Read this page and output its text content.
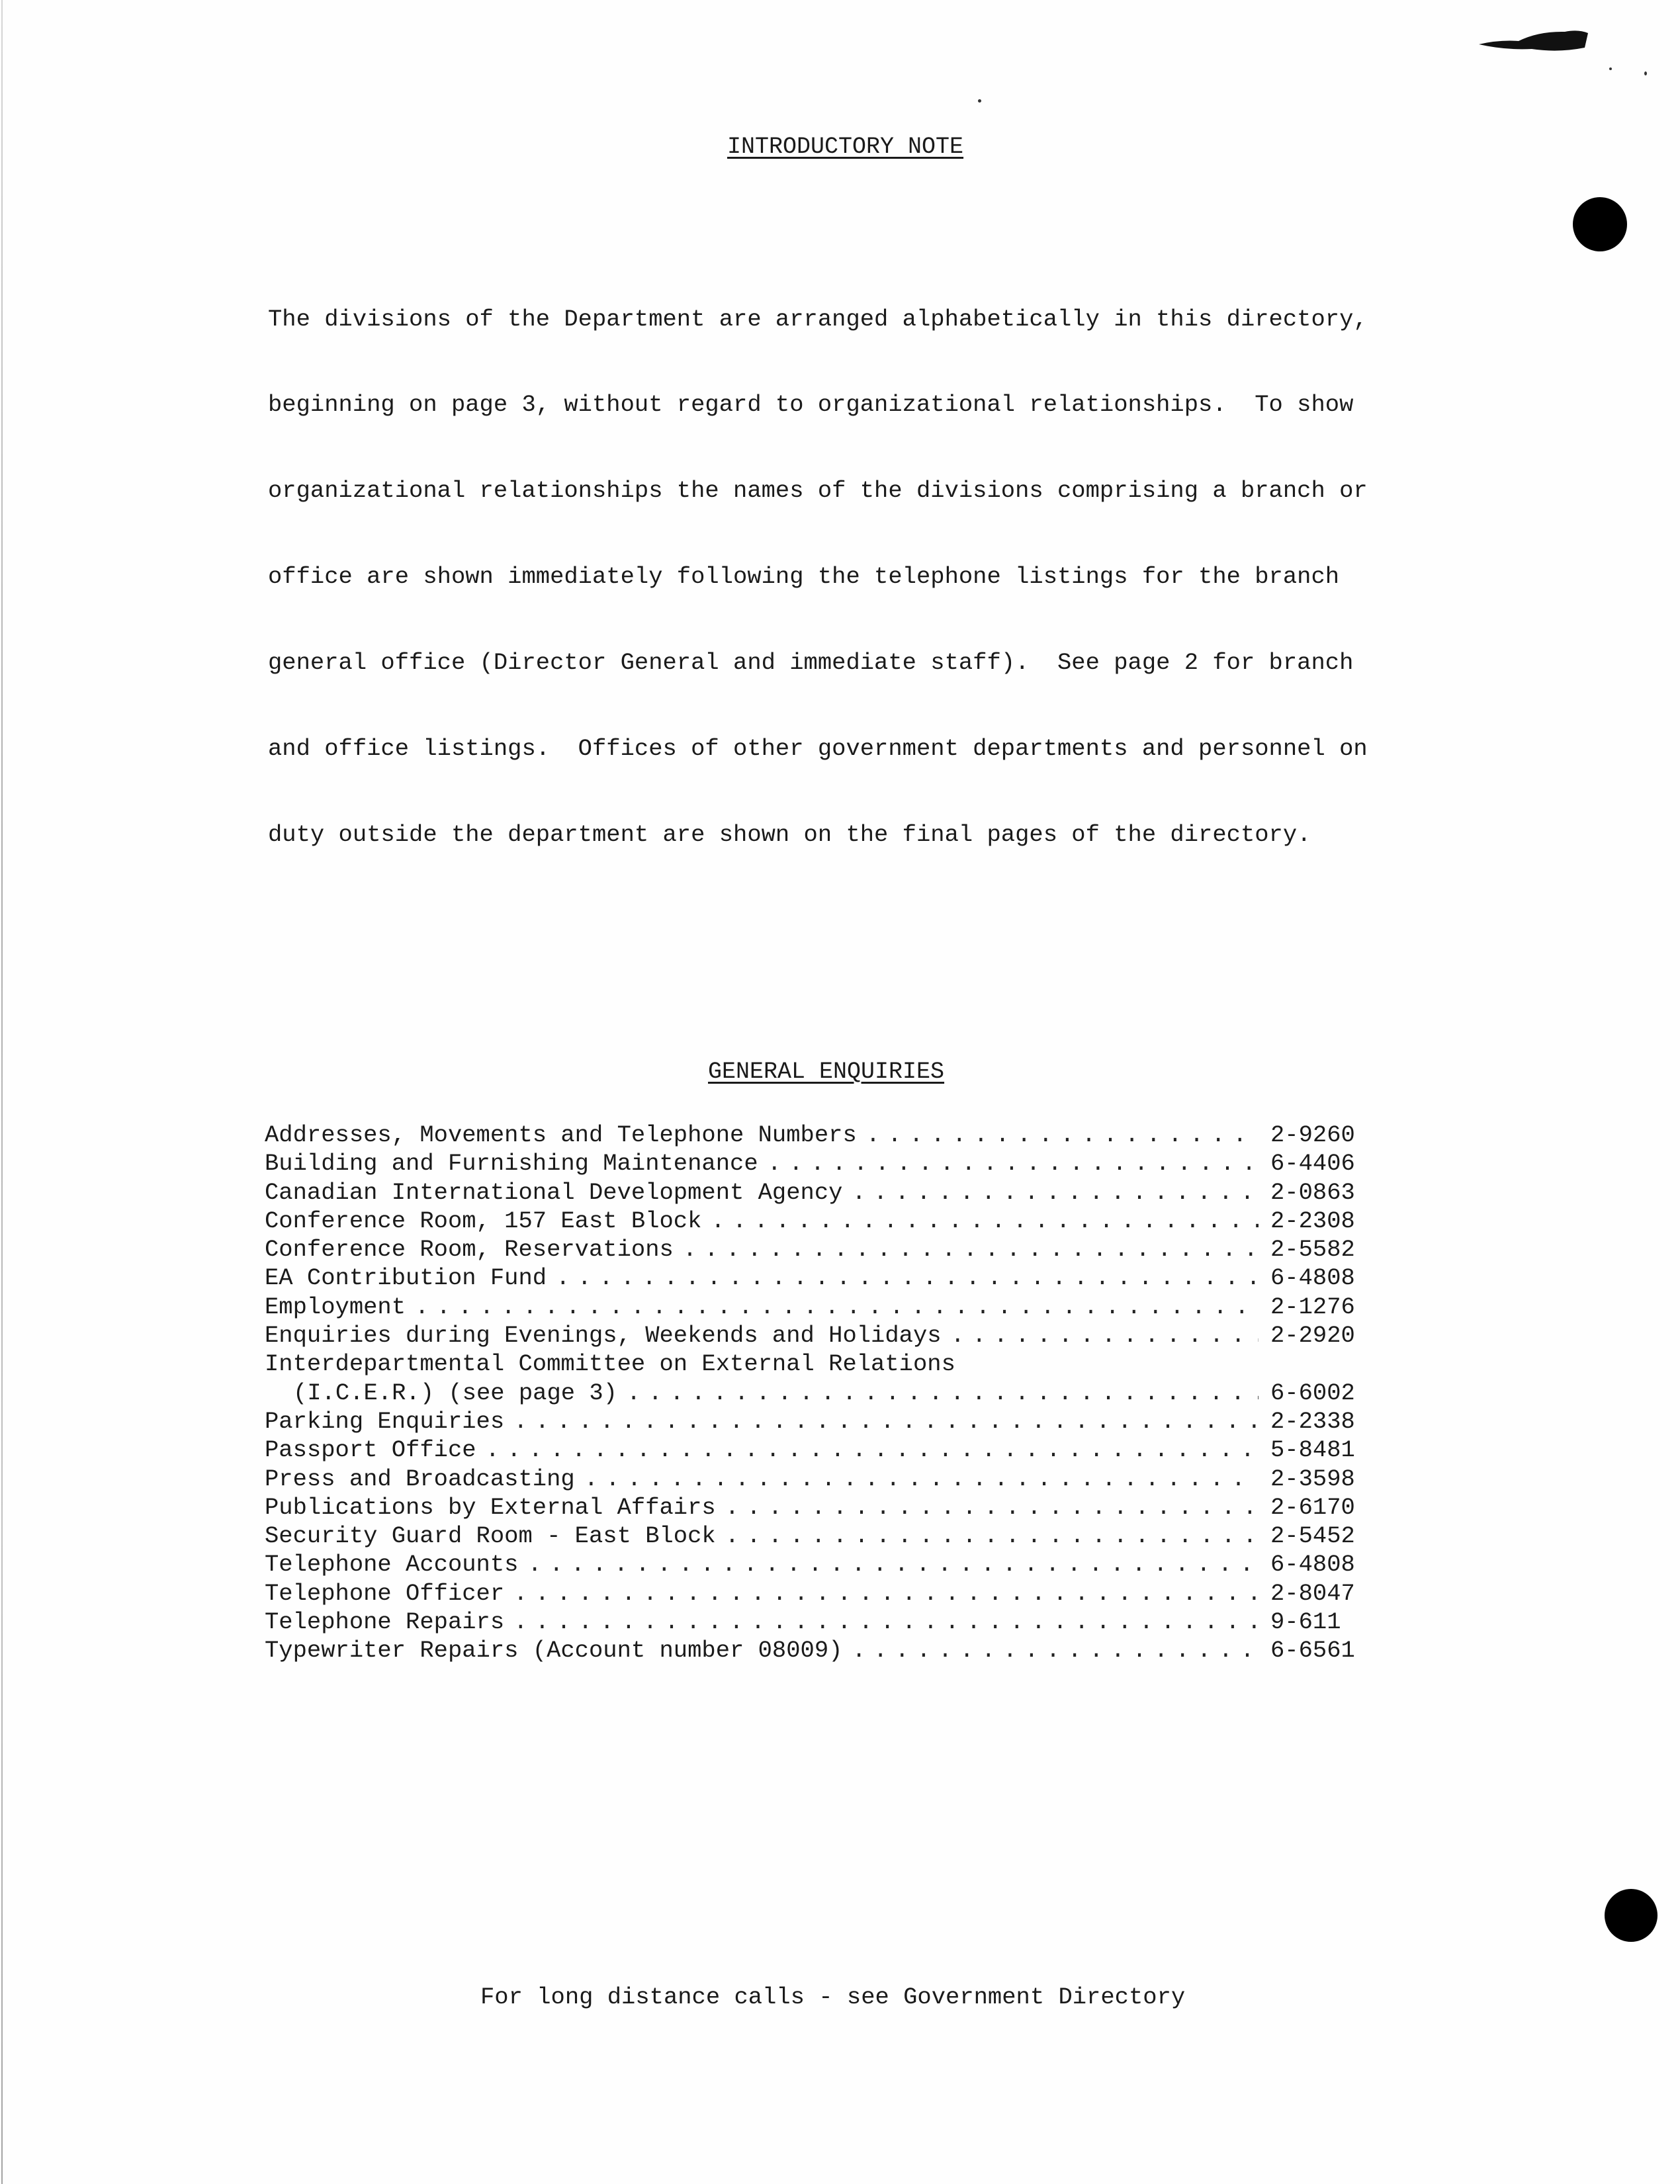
INTRODUCTORY NOTE

The divisions of the Department are arranged alphabetically in this directory,

beginning on page 3, without regard to organizational relationships.  To show

organizational relationships the names of the divisions comprising a branch or

office are shown immediately following the telephone listings for the branch

general office (Director General and immediate staff).  See page 2 for branch

and office listings.  Offices of other government departments and personnel on

duty outside the department are shown on the final pages of the directory.

GENERAL ENQUIRIES
Addresses, Movements and Telephone Numbers . . .	2-9260
Building and Furnishing Maintenance . . .	6-4406
Canadian International Development Agency . . .	2-0863
Conference Room, 157 East Block . . .	2-2308
Conference Room, Reservations . . .	2-5582
EA Contribution Fund . . .	6-4808
Employment . . .	2-1276
Enquiries during Evenings, Weekends and Holidays . . .	2-2920
Interdepartmental Committee on External Relations
(I.C.E.R.) (see page 3) . . .	6-6002
Parking Enquiries . . .	2-2338
Passport Office . . .	5-8481
Press and Broadcasting . . .	2-3598
Publications by External Affairs . . .	2-6170
Security Guard Room - East Block . . .	2-5452
Telephone Accounts . . .	6-4808
Telephone Officer . . .	2-8047
Telephone Repairs . . .	9-611
Typewriter Repairs (Account number 08009) . . .	6-6561
For long distance calls - see Government Directory
